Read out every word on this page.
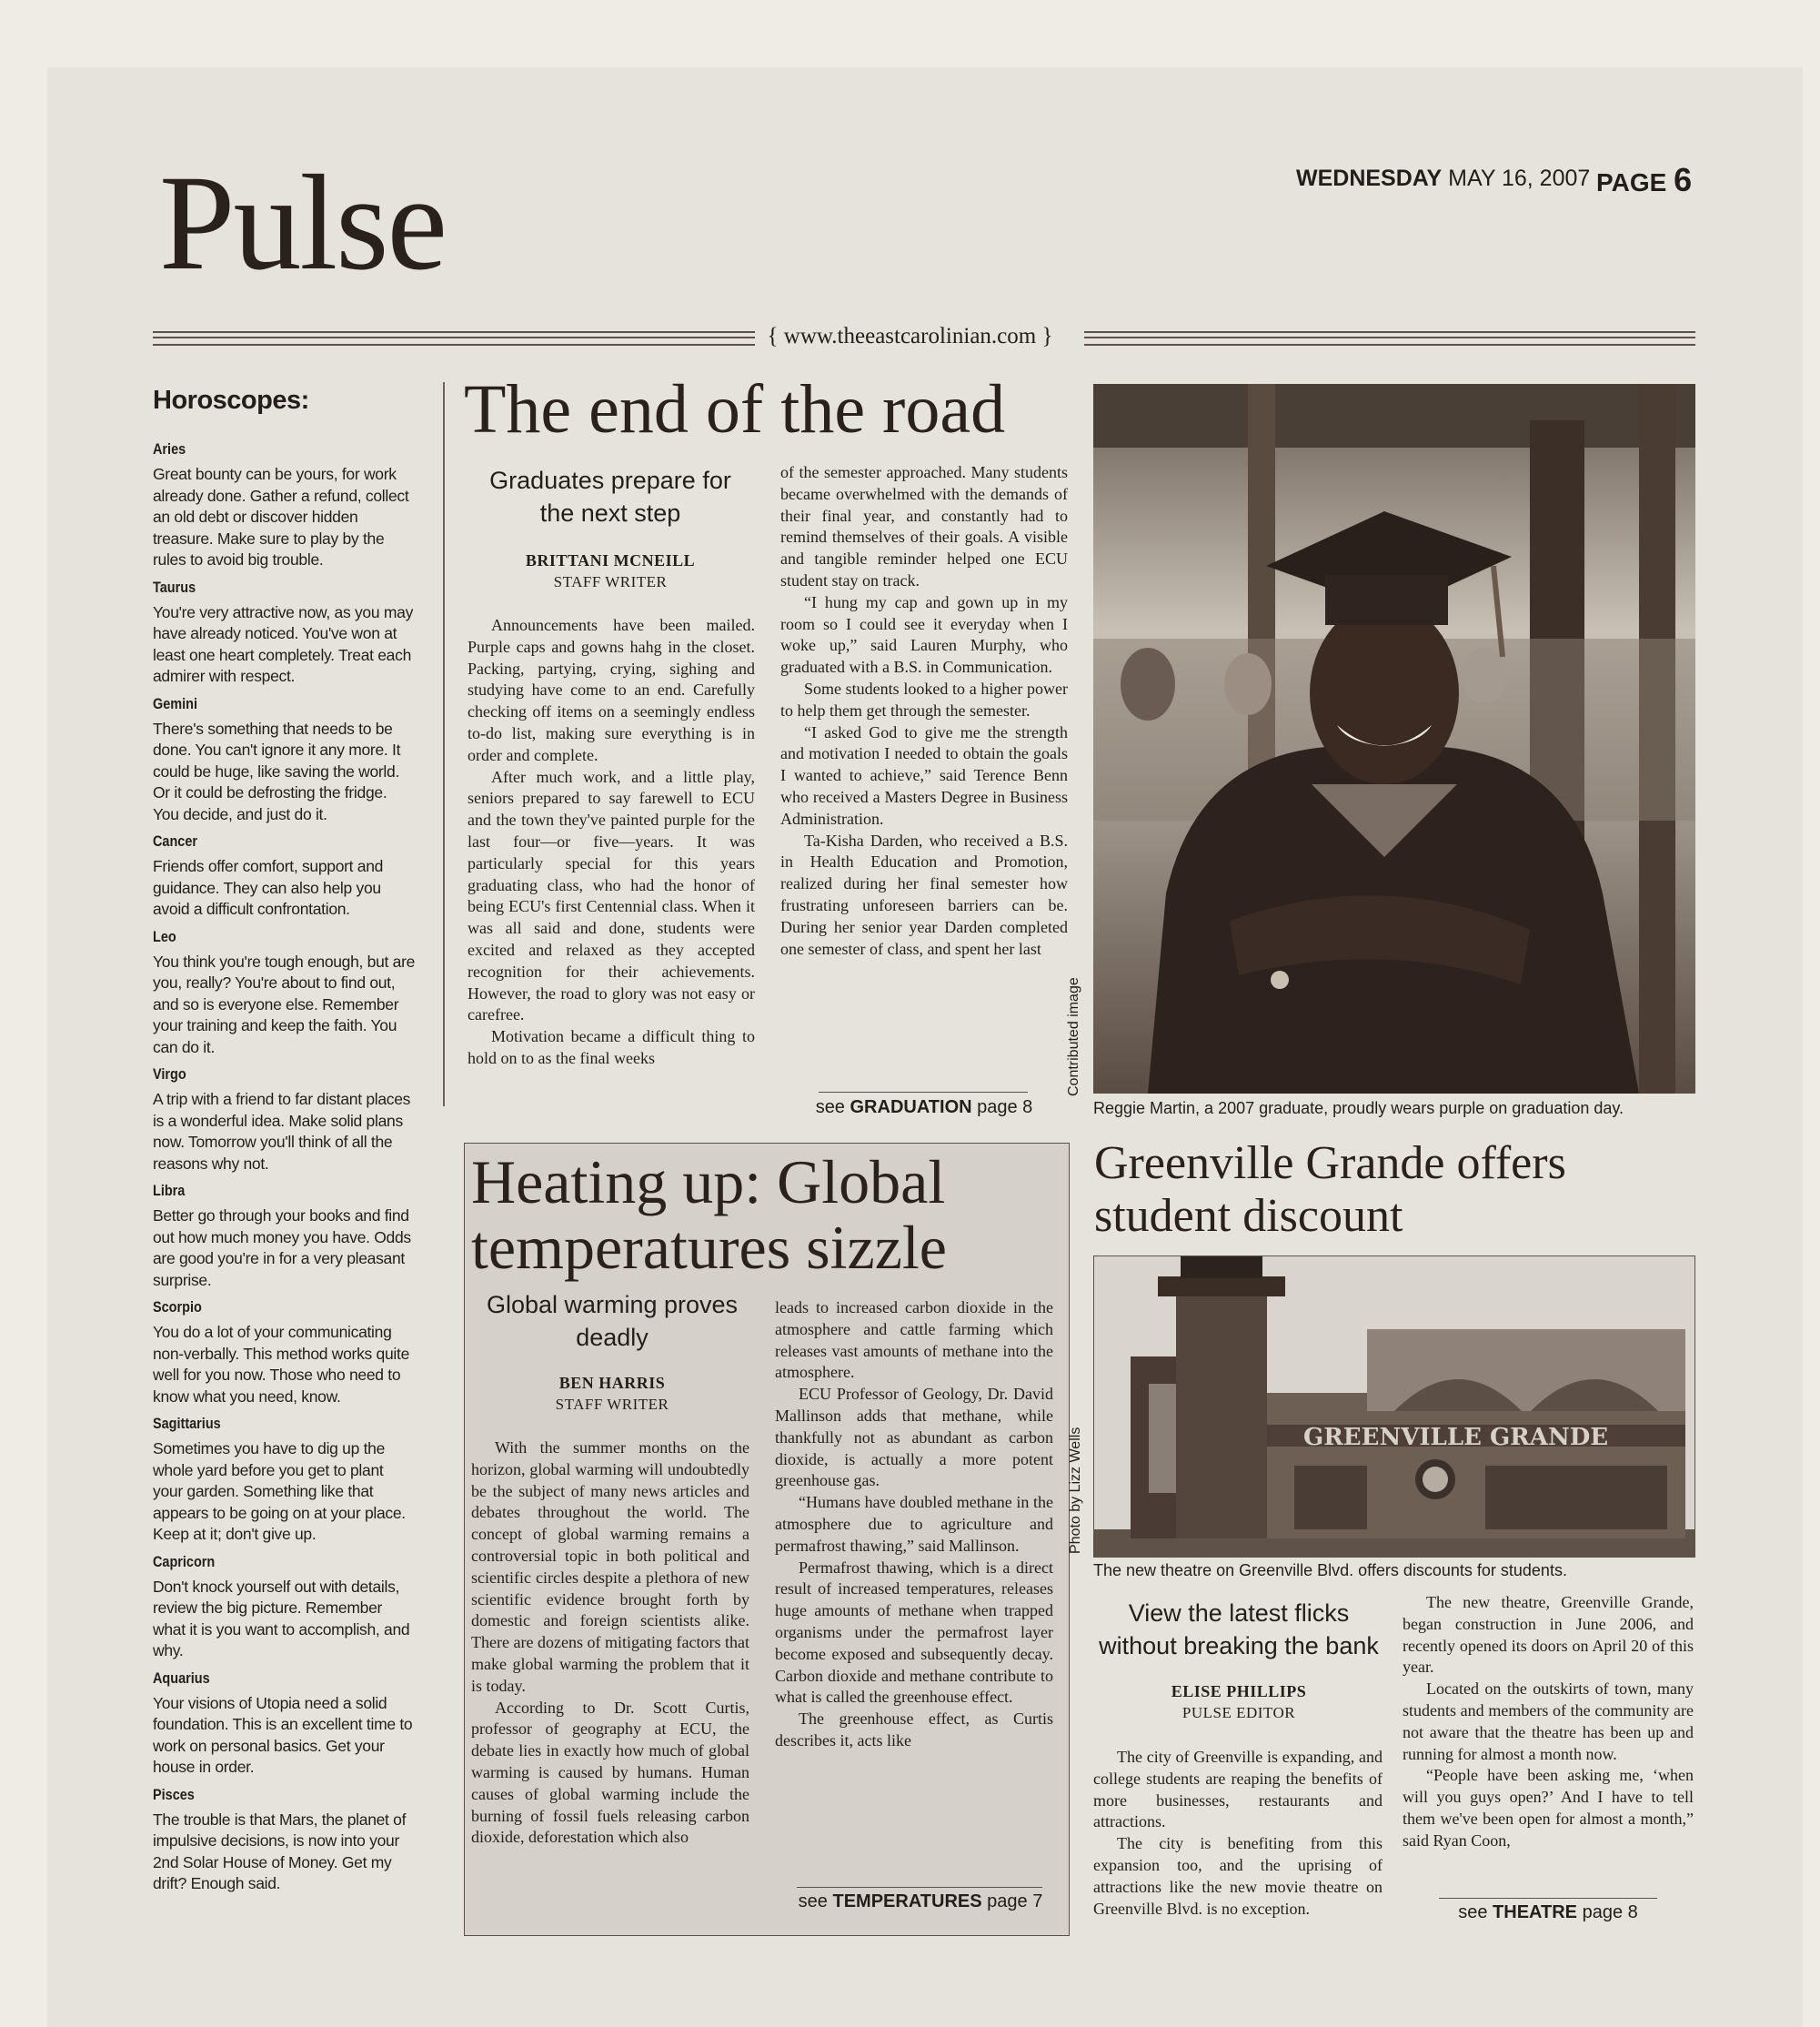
Pulse	WEDNESDAY MAY 16, 2007 PAGE 6
{ www.theeastcarolinian.com }
Horoscopes:
Aries
Great bounty can be yours, for work already done. Gather a refund, collect an old debt or discover hidden treasure. Make sure to play by the rules to avoid big trouble.
Taurus
You're very attractive now, as you may have already noticed. You've won at least one heart completely. Treat each admirer with respect.
Gemini
There's something that needs to be done. You can't ignore it any more. It could be huge, like saving the world. Or it could be defrosting the fridge. You decide, and just do it.
Cancer
Friends offer comfort, support and guidance. They can also help you avoid a difficult confrontation.
Leo
You think you're tough enough, but are you, really? You're about to find out, and so is everyone else. Remember your training and keep the faith. You can do it.
Virgo
A trip with a friend to far distant places is a wonderful idea. Make solid plans now. Tomorrow you'll think of all the reasons why not.
Libra
Better go through your books and find out how much money you have. Odds are good you're in for a very pleasant surprise.
Scorpio
You do a lot of your communicating non-verbally. This method works quite well for you now. Those who need to know what you need, know.
Sagittarius
Sometimes you have to dig up the whole yard before you get to plant your garden. Something like that appears to be going on at your place. Keep at it; don't give up.
Capricorn
Don't knock yourself out with details, review the big picture. Remember what it is you want to accomplish, and why.
Aquarius
Your visions of Utopia need a solid foundation. This is an excellent time to work on personal basics. Get your house in order.
Pisces
The trouble is that Mars, the planet of impulsive decisions, is now into your 2nd Solar House of Money. Get my drift? Enough said.
The end of the road
Graduates prepare for the next step
BRITTANI MCNEILL
STAFF WRITER

Announcements have been mailed. Purple caps and gowns hahg in the closet. Packing, partying, crying, sighing and studying have come to an end. Carefully checking off items on a seemingly endless to-do list, making sure everything is in order and complete.

After much work, and a little play, seniors prepared to say farewell to ECU and the town they've painted purple for the last four—or five—years. It was particularly special for this years graduating class, who had the honor of being ECU's first Centennial class. When it was all said and done, students were excited and relaxed as they accepted recognition for their achievements. However, the road to glory was not easy or carefree.

Motivation became a difficult thing to hold on to as the final weeks

of the semester approached. Many students became overwhelmed with the demands of their final year, and constantly had to remind themselves of their goals. A visible and tangible reminder helped one ECU student stay on track.

“I hung my cap and gown up in my room so I could see it everyday when I woke up,” said Lauren Murphy, who graduated with a B.S. in Communication.

Some students looked to a higher power to help them get through the semester.

“I asked God to give me the strength and motivation I needed to obtain the goals I wanted to achieve,” said Terence Benn who received a Masters Degree in Business Administration.

Ta-Kisha Darden, who received a B.S. in Health Education and Promotion, realized during her final semester how frustrating unforeseen barriers can be. During her senior year Darden completed one semester of class, and spent her last

see GRADUATION page 8
Contributed image
Reggie Martin, a 2007 graduate, proudly wears purple on graduation day.
Heating up: Global temperatures sizzle
Global warming proves deadly
BEN HARRIS
STAFF WRITER

With the summer months on the horizon, global warming will undoubtedly be the subject of many news articles and debates throughout the world. The concept of global warming remains a controversial topic in both political and scientific circles despite a plethora of new scientific evidence brought forth by domestic and foreign scientists alike. There are dozens of mitigating factors that make global warming the problem that it is today.

According to Dr. Scott Curtis, professor of geography at ECU, the debate lies in exactly how much of global warming is caused by humans. Human causes of global warming include the burning of fossil fuels releasing carbon dioxide, deforestation which also

leads to increased carbon dioxide in the atmosphere and cattle farming which releases vast amounts of methane into the atmosphere.

ECU Professor of Geology, Dr. David Mallinson adds that methane, while thankfully not as abundant as carbon dioxide, is actually a more potent greenhouse gas.

“Humans have doubled methane in the atmosphere due to agriculture and permafrost thawing,” said Mallinson.

Permafrost thawing, which is a direct result of increased temperatures, releases huge amounts of methane when trapped organisms under the permafrost layer become exposed and subsequently decay. Carbon dioxide and methane contribute to what is called the greenhouse effect.

The greenhouse effect, as Curtis describes it, acts like

see TEMPERATURES page 7
Greenville Grande offers student discount
GREENVILLE GRANDE
Photo by Lizz Wells
The new theatre on Greenville Blvd. offers discounts for students.
View the latest flicks without breaking the bank
ELISE PHILLIPS
PULSE EDITOR

The city of Greenville is expanding, and college students are reaping the benefits of more businesses, restaurants and attractions.

The city is benefiting from this expansion too, and the uprising of attractions like the new movie theatre on Greenville Blvd. is no exception.

The new theatre, Greenville Grande, began construction in June 2006, and recently opened its doors on April 20 of this year.

Located on the outskirts of town, many students and members of the community are not aware that the theatre has been up and running for almost a month now.

“People have been asking me, ‘when will you guys open?’ And I have to tell them we've been open for almost a month,” said Ryan Coon,

see THEATRE page 8
